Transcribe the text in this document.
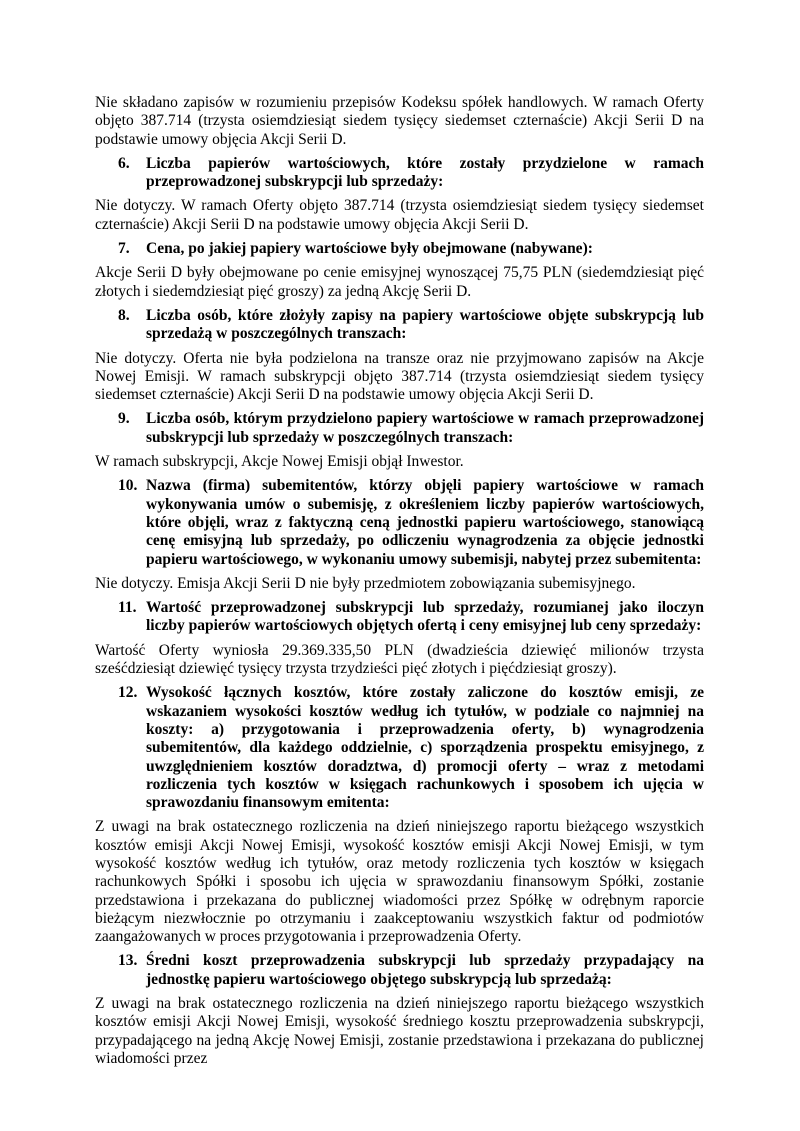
Nie składano zapisów w rozumieniu przepisów Kodeksu spółek handlowych. W ramach Oferty objęto 387.714 (trzysta osiemdziesiąt siedem tysięcy siedemset czternaście) Akcji Serii D na podstawie umowy objęcia Akcji Serii D.

6.	Liczba papierów wartościowych, które zostały przydzielone w ramach przeprowadzonej subskrypcji lub sprzedaży:

Nie dotyczy. W ramach Oferty objęto 387.714 (trzysta osiemdziesiąt siedem tysięcy siedemset czternaście) Akcji Serii D na podstawie umowy objęcia Akcji Serii D.

7.	Cena, po jakiej papiery wartościowe były obejmowane (nabywane):

Akcje Serii D były obejmowane po cenie emisyjnej wynoszącej 75,75 PLN (siedemdziesiąt pięć złotych i siedemdziesiąt pięć groszy) za jedną Akcję Serii D.

8.	Liczba osób, które złożyły zapisy na papiery wartościowe objęte subskrypcją lub sprzedażą w poszczególnych transzach:

Nie dotyczy. Oferta nie była podzielona na transze oraz nie przyjmowano zapisów na Akcje Nowej Emisji. W ramach subskrypcji objęto 387.714 (trzysta osiemdziesiąt siedem tysięcy siedemset czternaście) Akcji Serii D na podstawie umowy objęcia Akcji Serii D.

9.	Liczba osób, którym przydzielono papiery wartościowe w ramach przeprowadzonej subskrypcji lub sprzedaży w poszczególnych transzach:

W ramach subskrypcji, Akcje Nowej Emisji objął Inwestor.

10. Nazwa (firma) subemitentów, którzy objęli papiery wartościowe w ramach wykonywania umów o subemisję, z określeniem liczby papierów wartościowych, które objęli, wraz z faktyczną ceną jednostki papieru wartościowego, stanowiącą cenę emisyjną lub sprzedaży, po odliczeniu wynagrodzenia za objęcie jednostki papieru wartościowego, w wykonaniu umowy subemisji, nabytej przez subemitenta:

Nie dotyczy. Emisja Akcji Serii D nie były przedmiotem zobowiązania subemisyjnego.

11. Wartość przeprowadzonej subskrypcji lub sprzedaży, rozumianej jako iloczyn liczby papierów wartościowych objętych ofertą i ceny emisyjnej lub ceny sprzedaży:

Wartość Oferty wyniosła 29.369.335,50 PLN (dwadzieścia dziewięć milionów trzysta sześćdziesiąt dziewięć tysięcy trzysta trzydzieści pięć złotych i pięćdziesiąt groszy).

12. Wysokość łącznych kosztów, które zostały zaliczone do kosztów emisji, ze wskazaniem wysokości kosztów według ich tytułów, w podziale co najmniej na koszty: a) przygotowania i przeprowadzenia oferty, b) wynagrodzenia subemitentów, dla każdego oddzielnie, c) sporządzenia prospektu emisyjnego, z uwzględnieniem kosztów doradztwa, d) promocji oferty – wraz z metodami rozliczenia tych kosztów w księgach rachunkowych i sposobem ich ujęcia w sprawozdaniu finansowym emitenta:

Z uwagi na brak ostatecznego rozliczenia na dzień niniejszego raportu bieżącego wszystkich kosztów emisji Akcji Nowej Emisji, wysokość kosztów emisji Akcji Nowej Emisji, w tym wysokość kosztów według ich tytułów, oraz metody rozliczenia tych kosztów w księgach rachunkowych Spółki i sposobu ich ujęcia w sprawozdaniu finansowym Spółki, zostanie przedstawiona i przekazana do publicznej wiadomości przez Spółkę w odrębnym raporcie bieżącym niezwłocznie po otrzymaniu i zaakceptowaniu wszystkich faktur od podmiotów zaangażowanych w proces przygotowania i przeprowadzenia Oferty.

13. Średni koszt przeprowadzenia subskrypcji lub sprzedaży przypadający na jednostkę papieru wartościowego objętego subskrypcją lub sprzedażą:

Z uwagi na brak ostatecznego rozliczenia na dzień niniejszego raportu bieżącego wszystkich kosztów emisji Akcji Nowej Emisji, wysokość średniego kosztu przeprowadzenia subskrypcji, przypadającego na jedną Akcję Nowej Emisji, zostanie przedstawiona i przekazana do publicznej wiadomości przez
